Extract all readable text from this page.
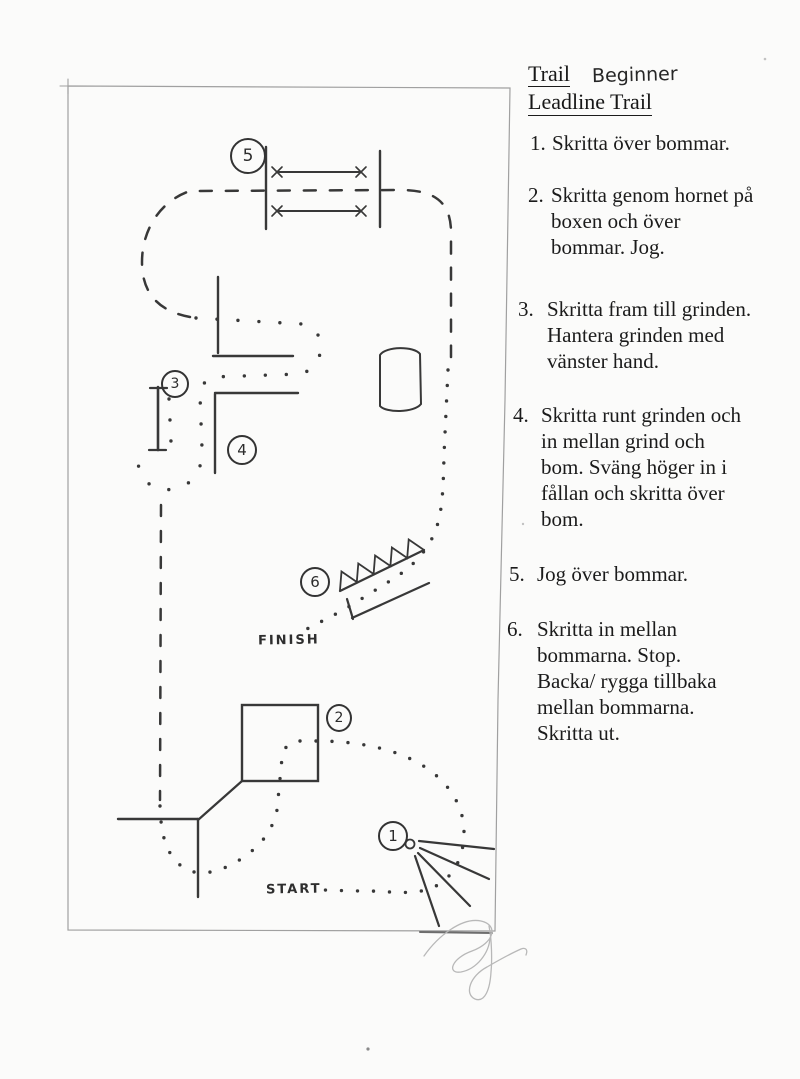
5
3
4
6
2
1
START
FINISH
Trail Beginner
Leadline Trail
1. Skritta över bommar.
2. Skritta genom hornet på
boxen och över
bommar. Jog.
3. Skritta fram till grinden.
Hantera grinden med
vänster hand.
4. Skritta runt grinden och
in mellan grind och
bom. Sväng höger in i
fållan och skritta över
bom.
5. Jog över bommar.
6. Skritta in mellan
bommarna. Stop.
Backa/ rygga tillbaka
mellan bommarna.
Skritta ut.
